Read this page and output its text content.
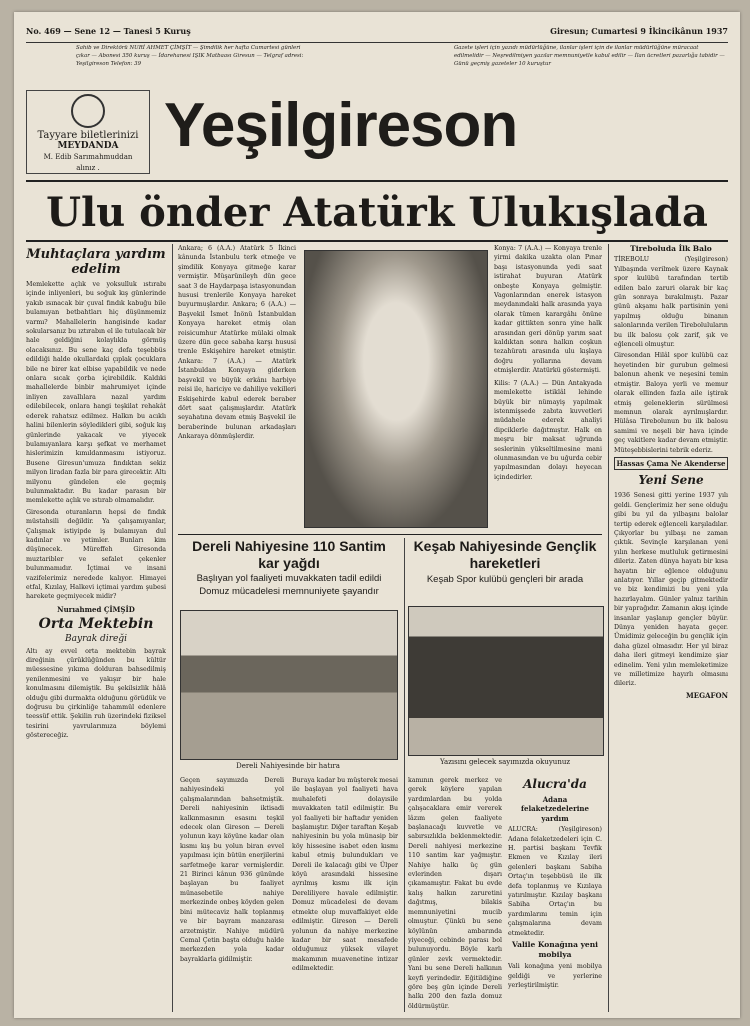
No. 469 — Sene 12 — Tanesi 5 Kuruş	Giresun; Cumartesi 9 İkincikânun 1937
Sahib ve Direktörü NURİ AHMET ÇİMŞİT — Şimdilik her hafta Cumartesi günleri çıkar — Abonesi 350 kuruş — İdarehanesi IŞIK Matbaası Giresun — Telgraf adresi: Yeşilgireson Telefon: 39
Gazete işleri için yazıdı müdürlüğüne, ilanlar işleri için de ilanlar müdürlüğüne müracaat edilmelidir — Neşredilmiyen yazılar memnuniyetle kabul edilir — İlan ücretleri pazarlığa tabidir — Günü geçmiş gazeteler 10 kuruştur
Tayyare biletlerinizi
MEYDANDA
M. Edib Sarımahmuddan
alınız .
Yeşilgireson
Ulu önder Atatürk Ulukışlada
Muhtaçlara yardım edelim

Memlekette açlık ve yoksulluk ıstırabı içinde inliyenleri, bu soğuk kış günlerinde yakıb ısınacak bir çuval fındık kabuğu bile bulamıyan betbahtları hiç düşünmemiz varmı? Mahallelerin hangisinde kadar sokularsanız bu ıztırabın el ile tutulacak bir hale geldiğini kolaylıkla görmüş olacaksınız. Bu sene kaç defa teşebbüs edildiği halde okullardaki çıplak çocuklara bile ne birer kat elbise yapabildik ve nede onlara sıcak çorba içirebildik. Kaldıki mahallelerde binbir mahrumiyet içinde inliyen zavallılara nazal yardım edilebilecek, onlara hangi teşkilat rehakât ederek rahatsız edilmez. Halkın bu acıklı halini bilenlerin söyledikleri gibi, soğuk kış günlerinde yakacak ve yiyecek bulamıyanlara karşı şefkat ve merhamet hislerimizin kımıldanmasını istiyoruz. Busene Giresun'umuza fındıktan sekiz milyon liradan fazla bir para girecektir. Altı milyonu gündelen ele geçmiş bulunmaktadır. Bu kadar parasın bir memlekette açlık ve ıstırab olmamalıdır.

Giresonda oturanların hepsi de fındık müstahsili değildir. Ya çalışamıyanlar, Çalışmak istiyipde iş bulamıyan dul kadınlar ve yetimler. Bunları kim düşünecek. Müreffeh Giresonda muztaribler ve sefalet çekenler bulunmamıdır. İçtimai ve insani vazifelerimiz neredede kalıyor. Himayei etfal, Kızılay, Halkevi içtimai yardım şubesi harekete geçmiyecek midir?

Nurıahmed ÇİMŞİD
Orta Mektebin
Bayrak direği

Altı ay evvel orta mektebin bayrak direğinin çürüklüğünden bu kültür müessesine yıkıma dolduran bahsedilmiş yenilenmesini ve yakışır bir hale konulmasını dilemiştik. Bu şekilsizlik hâlâ olduğu gibi durmakta olduğunu görüdük ve doğrusu bu çirkinliğe tahammül edenlere teessüf ettik. Şekilin ruh üzerindeki fiziksel tesirini yavrularımıza böylemi göstereceğiz.

Ankara; 6 (A.A.) Atatürk 5 İkinci kânunda İstanbulu terk etmeğe ve şimdilik Konyaya gitmeğe karar vermiştir. Müşarünileyh dün gece saat 3 de Haydarpaşa istasyonundan hususi trenlerile Konyaya hareket buyurmuşlardır. Ankara; 6 (A.A.) — Başvekil İsmet İnönü İstanbuldan Konyaya hareket etmiş olan reisicumhur Atatürke mülaki olmak üzere dün gece sabaha karşı hususi trenle Eskişehire hareket etmiştir. Ankara: 7 (A.A.) — Atatürk İstanbuldan Konyaya giderken başvekil ve büyük erkânı harbiye reisi ile, hariciye ve dahiliye vekilleri Eskişehirde kabul ederek beraber dört saat çalışmışlardır. Atatürk seyahatına devam etmiş Başvekil ile beraberinde bulunan arkadaşları Ankaraya dönmüşlerdir.

Konya: 7 (A.A.) — Konyaya trenle yirmi dakika uzakta olan Pınar başı istasyonunda yedi saat istirahat buyuran Atatürk onbeşte Konyaya gelmiştir. Vagonlarından enerek istasyon meydanındaki halk arasında yaya olarak tümen karargâhı önüne kadar gittikten sonra yine halk arasından geri dönüp yarım saat kaldıktan sonra halkın coşkun tezahüratı arasında ulu kışlaya doğru yollarına devam etmişlerdir. Atatürkü göstermişti.

Kilis: 7 (A.A.) — Dün Antakyada memlekette istiklâl lehinde büyük bir nümayiş yapılmak istenmişsede zabıta kuvvetleri müdahele ederek ahaliyi dipciklerle dağıtmıştır. Halk en meşru bir maksat uğrunda seslerinin yükseltilmesine mani olunmasından ve bu uğurda cebir yapılmasından dolayı heyecan içindedirler.

Tireboluda İlk Balo

TİREBOLU (Yeşilgireson) Yılbaşında verilmek üzere Kaynak spor kulübü tarafından tertib edilen balo zaruri olarak bir kaç gün sonraya bırakılmıştı. Pazar günü akşamı halk partisinin yeni yapılmış olduğu binanın salonlarında verilen Tireboluluların bu ilk balosu çok zarif, şık ve eğlenceli olmuştur.

Giresondan Hilâl spor kulübü caz heyetinden bir gurubun gelmesi balonun ahenk ve neşesini temin etmiştir. Baloya yerli ve memur olarak ellinden fazla aile iştirak etmiş geleneklerin sürülmesi memnun olarak ayrılmışlardır. Hülâsa Tirebolunun bu ilk balosu samimi ve neşeli bir hava içinde geç vakitlere kadar devam etmiştir. Müteşebbislerini tebrik ederiz.

Hassas Çama Ne Akenderse
Yeni Sene

1936 Senesi gitti yerine 1937 yılı geldi. Gençlerimiz her sene olduğu gibi bu yıl da yılbaşını balolar tertip ederek eğlenceli karşıladılar. Çıkyorlar bu yılbaşı ne zaman çıktık. Sevinçle karşılanan yeni yılın herkese mutluluk getirmesini dileriz. Zaten dünya hayatı bir kısa hayatın bir eğlence olduğunu anlatıyor. Yıllar geçip gitmektedir ve biz kendimizi bu yeni yıla hazırlayalım. Günler yalnız tarihin bir yaprağıdır. Zamanın akışı içinde insanlar yaşlanıp gençler büyür. Dünya yeniden hayata geçer. Ümidimiz geleceğin bu gençlik için daha güzel olmasıdır. Her yıl biraz daha ileri gitmeyi kendimize şiar edinelim. Yeni yılın memleketimize ve milletimize hayırlı olmasını dileriz.

MEGAFON
Dereli Nahiyesine 110 Santim
kar yağdı
Başlıyan yol faaliyeti muvakkaten tadil edildi
Domuz mücadelesi memnuniyete şayandır
Keşab Nahiyesinde Gençlik
hareketleri
Keşab Spor kulübü gençleri bir arada
Dereli Nahiyesinde bir hatıra	Yazısını gelecek sayımızda okuyunuz

Geçen sayımızda Dereli nahiyesindeki yol çalışmalarından bahsetmiştik. Dereli nahiyesinin iktisadi kalkınmasının esasını teşkil edecek olan Gireson — Dereli yolunun kayı köyüne kadar olan kısmı kış bu yolun biran evvel yapılması için bütün enerjilerini sarfetmeğe karar vermişlerdir. 21 Birinci kânun 936 gününde başlayan bu faaliyet münasebetile nahiye merkezinde onbeş köyden gelen bini mütecaviz halk toplanmış ve bir bayram manzarası arzetmiştir. Nahiye müdürü Cemal Çetin başta olduğu halde merkezden yola kadar bayraklarla gidilmiştir.

Buraya kadar bu müşterek mesai ile başlayan yol faaliyeti hava muhalefeti dolayısile muvakkaten tatil edilmiştir. Bu yol faaliyeti bir haftadır yeniden başlamıştır. Diğer taraftan Keşab nahiyesinin bu yola münasip bir köy hissesine isabet eden kısmı kabul etmiş bulundukları ve Dereli ile kalacağı gibi ve Ülper köyü arasındaki hissesine ayrılmış kısmı ilk için Dereliliyere havale edilmiştir. Domuz mücadelesi de devam etmekte olup muvaffakiyet elde edilmiştir. Gireson — Dereli yolunun da nahiye merkezine kadar bir saat mesafede olduğumuz yüksek vilayet makamının muavenetine intizar edilmektedir.

kamının gerek merkez ve gerek köylere yapılan yardımlardan bu yolda çalışacaklara emir vererek lâzım gelen faaliyete başlanacağı kuvvetle ve sabırsızlıkla beklenmektedir. Dereli nahiyesi merkezine 110 santim kar yağmıştır. Nahiye halkı üç gün evlerinden dışarı çıkamamıştır. Fakat bu evde kalış halkın zaruretini dağıtmış, bilakis memnuniyetini mucib olmuştur. Çünkü bu sene köylünün ambarında yiyeceği, cebinde parası bol bulunuyordu. Böyle karlı günler zevk vermektedir. Yani bu sene Dereli halkının keyfi yerindedir. Eğitildiğine göre beş gün içinde Dereli halkı 200 den fazla domuz öldürmüştür.

Alucra'da
Adana felaketzedelerine
yardım

ALUCRA: (Yeşilgireson) Adana felaketzedeleri için C. H. partisi başkanı Tevfik Ekmen ve Kızılay ileri gelenleri başkanı Sabiha Ortaç'ın teşebbüsü ile ilk defa toplanmış ve Kızılaya yatırılmıştır. Kızılay başkanı Sabiha Ortaç'ın bu yardımlarını temin için çalışmalarına devam etmektedir.

Valile Konağına yeni mobilya

Vali konağına yeni mobilya geldiği ve yerlerine yerleştirilmiştir.
